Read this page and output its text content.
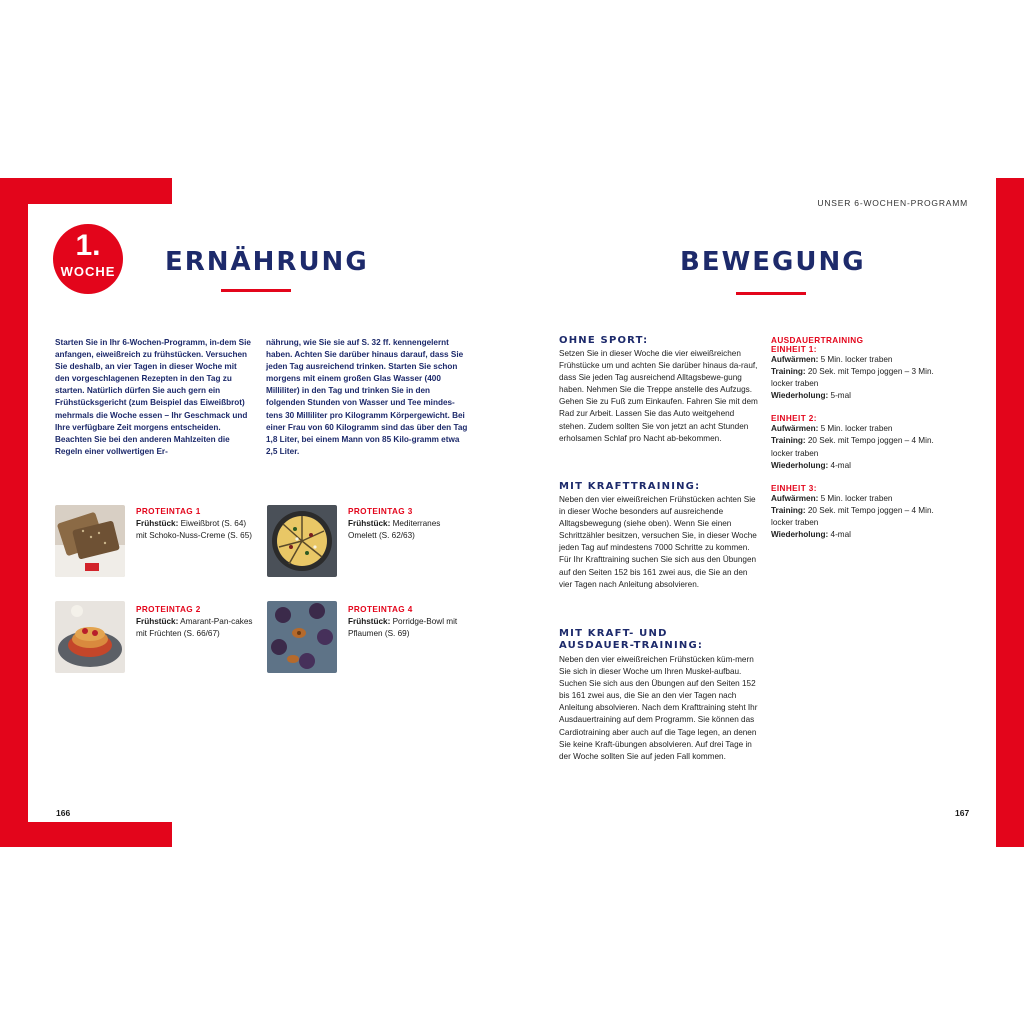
UNSER 6-WOCHEN-PROGRAMM
1.
WOCHE ERNÄHRUNG	BEWEGUNG
Starten Sie in Ihr 6-Wochen-Programm, in-dem Sie anfangen, eiweißreich zu frühstücken. Versuchen Sie deshalb, an vier Tagen in dieser Woche mit den vorgeschlagenen Rezepten in den Tag zu starten. Natürlich dürfen Sie auch gern ein Frühstücksgericht (zum Beispiel das Eiweißbrot) mehrmals die Woche essen – Ihr Geschmack und Ihre verfügbare Zeit morgens entscheiden. Beachten Sie bei den anderen Mahlzeiten die Regeln einer vollwertigen Er-
nährung, wie Sie sie auf S. 32 ff. kennengelernt haben. Achten Sie darüber hinaus darauf, dass Sie jeden Tag ausreichend trinken. Starten Sie schon morgens mit einem großen Glas Wasser (400 Milliliter) in den Tag und trinken Sie in den folgenden Stunden von Wasser und Tee mindes-tens 30 Milliliter pro Kilogramm Körpergewicht. Bei einer Frau von 60 Kilogramm sind das über den Tag 1,8 Liter, bei einem Mann von 85 Kilo-gramm etwa 2,5 Liter.
PROTEINTAG 1
Frühstück: Eiweißbrot (S. 64) mit Schoko-Nuss-Creme (S. 65)
PROTEINTAG 3
Frühstück: Mediterranes Omelett (S. 62/63)
PROTEINTAG 2
Frühstück: Amarant-Pan-cakes mit Früchten (S. 66/67)
PROTEINTAG 4
Frühstück: Porridge-Bowl mit Pflaumen (S. 69)
OHNE SPORT:
Setzen Sie in dieser Woche die vier eiweißreichen Frühstücke um und achten Sie darüber hinaus da-rauf, dass Sie jeden Tag ausreichend Alltagsbewe-gung haben. Nehmen Sie die Treppe anstelle des Aufzugs. Gehen Sie zu Fuß zum Einkaufen. Fahren Sie mit dem Rad zur Arbeit. Lassen Sie das Auto weitgehend stehen. Zudem sollten Sie von jetzt an acht Stunden erholsamen Schlaf pro Nacht ab-bekommen.
MIT KRAFTTRAINING:
Neben den vier eiweißreichen Frühstücken achten Sie in dieser Woche besonders auf ausreichende Alltagsbewegung (siehe oben). Wenn Sie einen Schrittzähler besitzen, versuchen Sie, in dieser Woche jeden Tag auf mindestens 7000 Schritte zu kommen. Für Ihr Krafttraining suchen Sie sich aus den Übungen auf den Seiten 152 bis 161 zwei aus, die Sie an den vier Tagen nach Anleitung absolvieren.
MIT KRAFT- UND AUSDAUER-TRAINING:
Neben den vier eiweißreichen Frühstücken küm-mern Sie sich in dieser Woche um Ihren Muskel-aufbau. Suchen Sie sich aus den Übungen auf den Seiten 152 bis 161 zwei aus, die Sie an den vier Tagen nach Anleitung absolvieren. Nach dem Krafttraining steht Ihr Ausdauertraining auf dem Programm. Sie können das Cardiotraining aber auch auf die Tage legen, an denen Sie keine Kraft-übungen absolvieren. Auf drei Tage in der Woche sollten Sie auf jeden Fall kommen.
AUSDAUERTRAINING
EINHEIT 1:
Aufwärmen: 5 Min. locker traben
Training: 20 Sek. mit Tempo joggen – 3 Min. locker traben
Wiederholung: 5-mal
EINHEIT 2:
Aufwärmen: 5 Min. locker traben
Training: 20 Sek. mit Tempo joggen – 4 Min. locker traben
Wiederholung: 4-mal
EINHEIT 3:
Aufwärmen: 5 Min. locker traben
Training: 20 Sek. mit Tempo joggen – 4 Min. locker traben
Wiederholung: 4-mal
166	167
